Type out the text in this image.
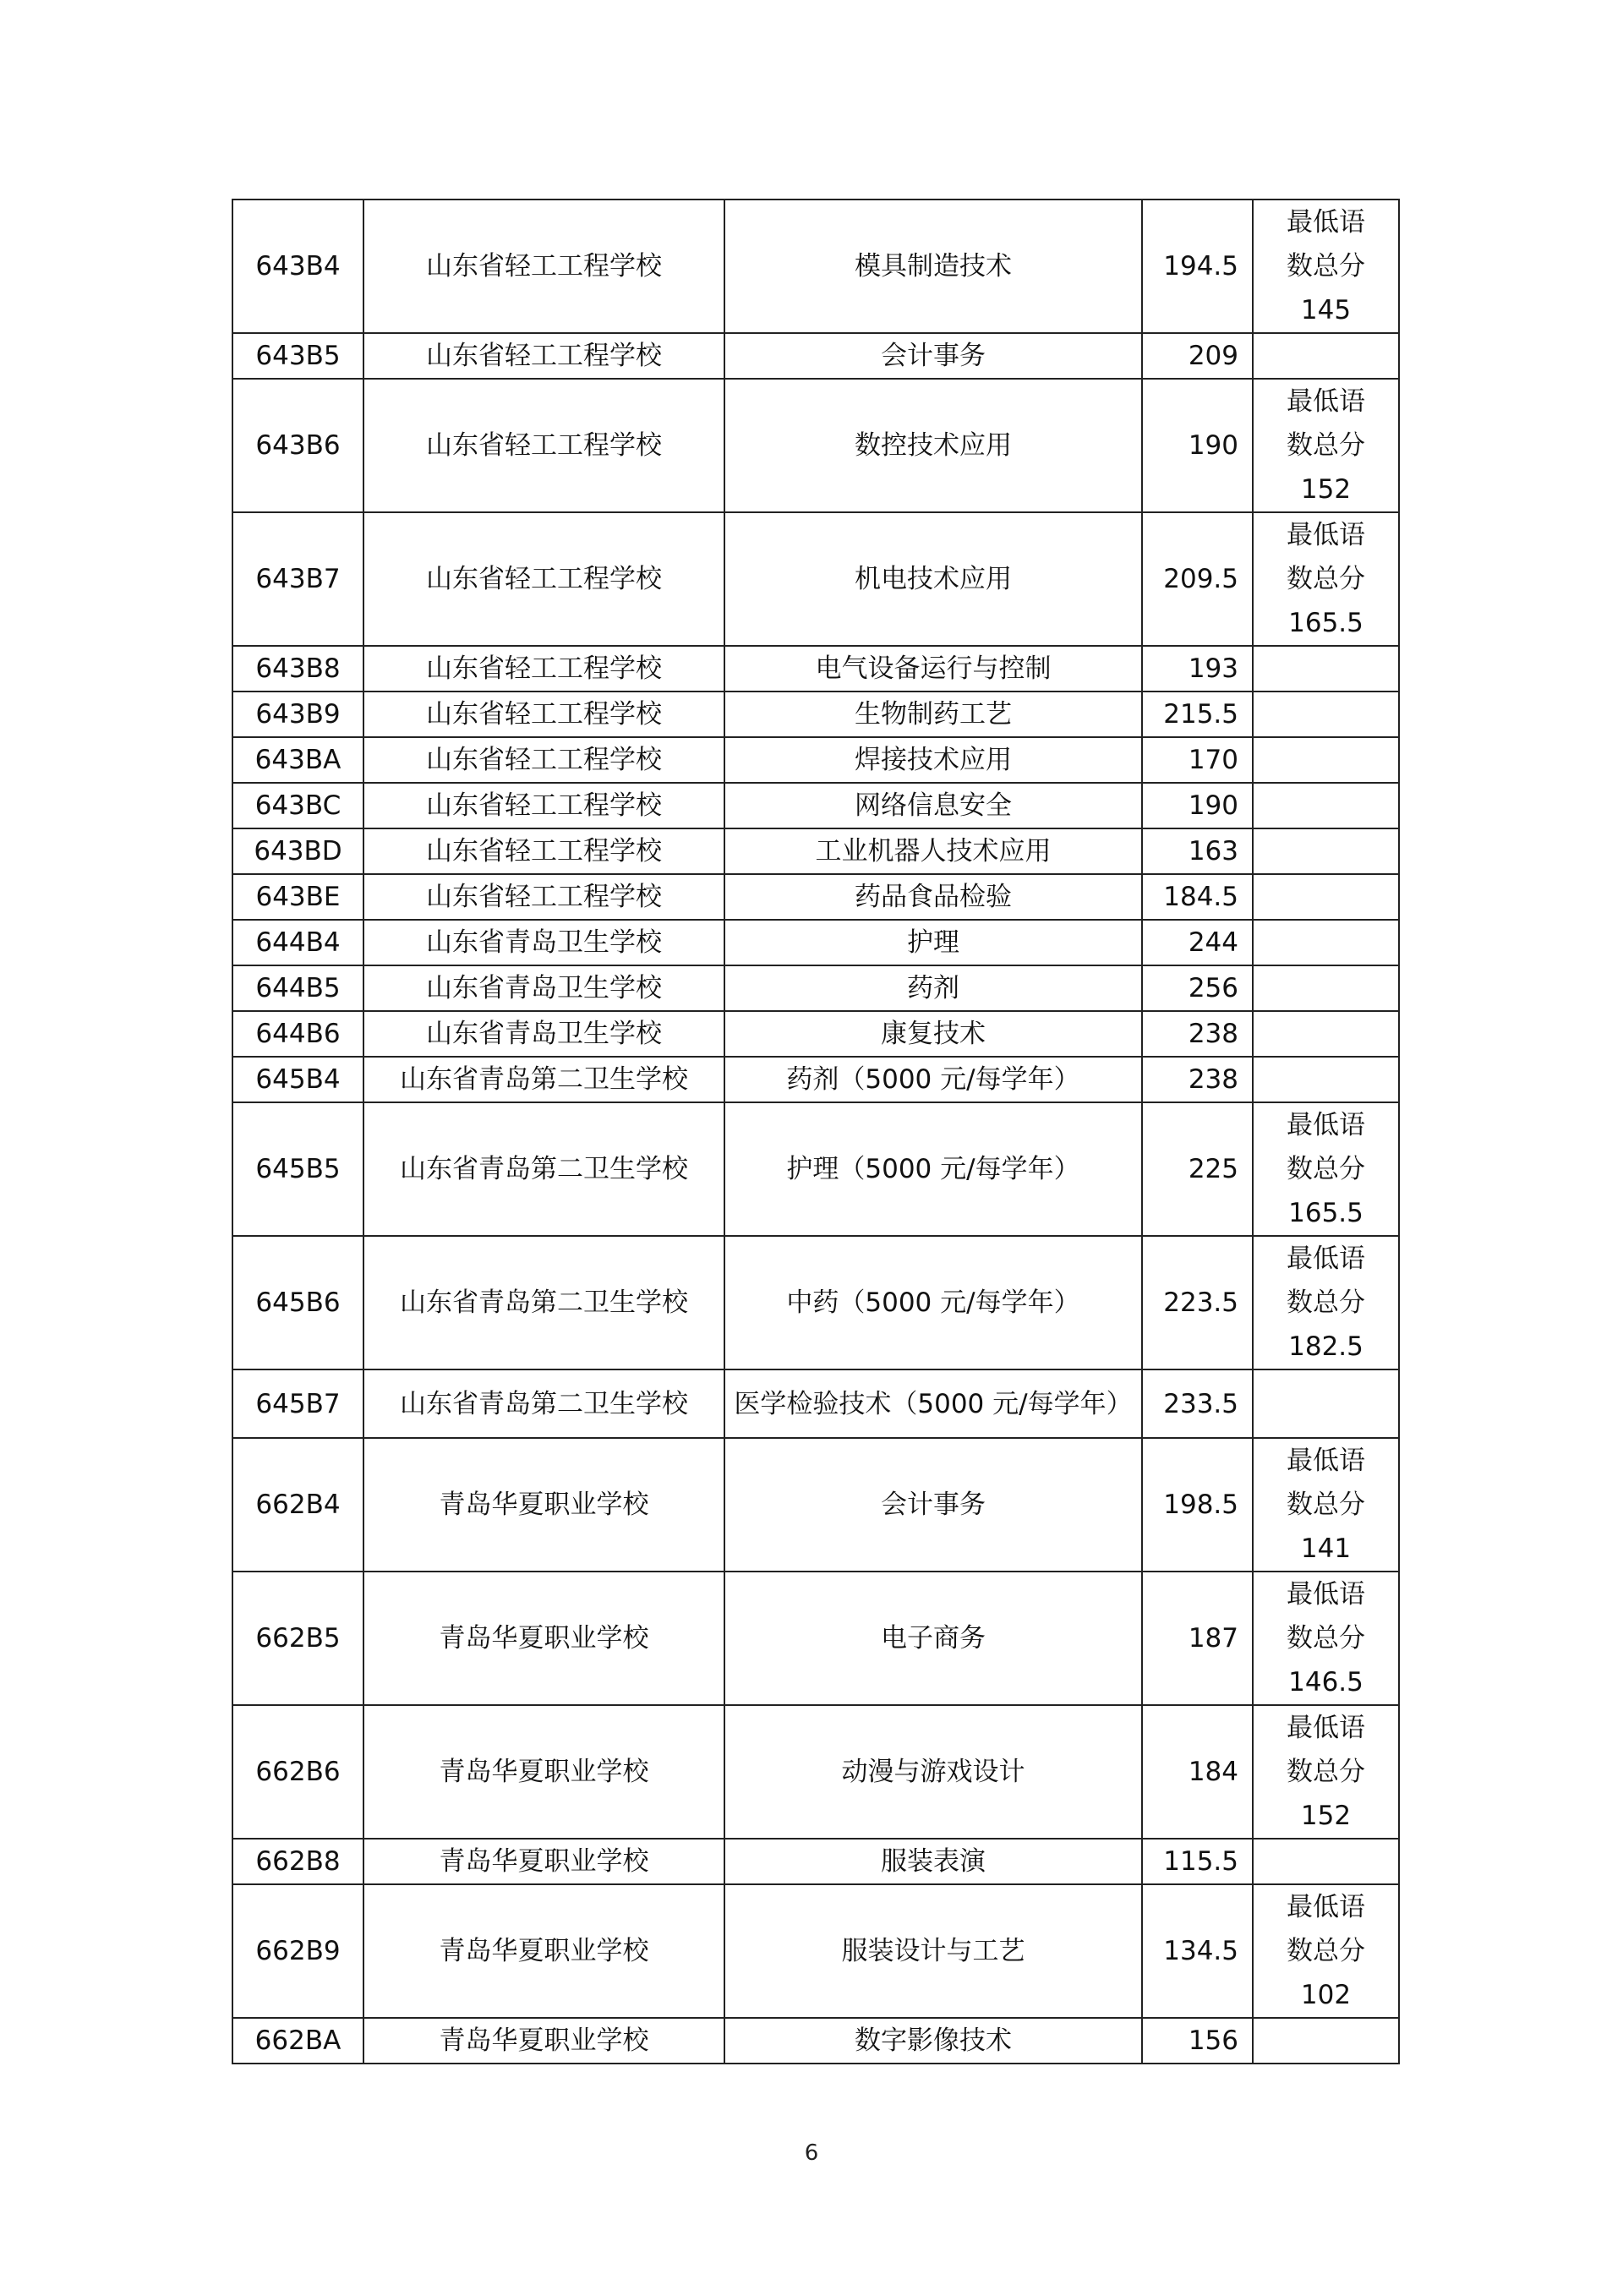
643B4	山东省轻工工程学校	模具制造技术	194.5	最低语
数总分
145

643B5	山东省轻工工程学校	会计事务	209	
643B6	山东省轻工工程学校	数控技术应用	190	最低语
数总分
152

643B7	山东省轻工工程学校	机电技术应用	209.5	最低语
数总分
165.5

643B8	山东省轻工工程学校	电气设备运行与控制	193	
643B9	山东省轻工工程学校	生物制药工艺	215.5	
643BA	山东省轻工工程学校	焊接技术应用	170	
643BC	山东省轻工工程学校	网络信息安全	190	
643BD	山东省轻工工程学校	工业机器人技术应用	163	
643BE	山东省轻工工程学校	药品食品检验	184.5	
644B4	山东省青岛卫生学校	护理	244	
644B5	山东省青岛卫生学校	药剂	256	
644B6	山东省青岛卫生学校	康复技术	238	
645B4	山东省青岛第二卫生学校	药剂（5000 元/每学年）	238	
645B5	山东省青岛第二卫生学校	护理（5000 元/每学年）	225	最低语
数总分
165.5

645B6	山东省青岛第二卫生学校	中药（5000 元/每学年）	223.5	最低语
数总分
182.5

645B7	山东省青岛第二卫生学校	医学检验技术（5000 元/每学年）	233.5	
662B4	青岛华夏职业学校	会计事务	198.5	最低语
数总分
141

662B5	青岛华夏职业学校	电子商务	187	最低语
数总分
146.5

662B6	青岛华夏职业学校	动漫与游戏设计	184	最低语
数总分
152

662B8	青岛华夏职业学校	服装表演	115.5	
662B9	青岛华夏职业学校	服装设计与工艺	134.5	最低语
数总分
102

662BA	青岛华夏职业学校	数字影像技术	156	
6
